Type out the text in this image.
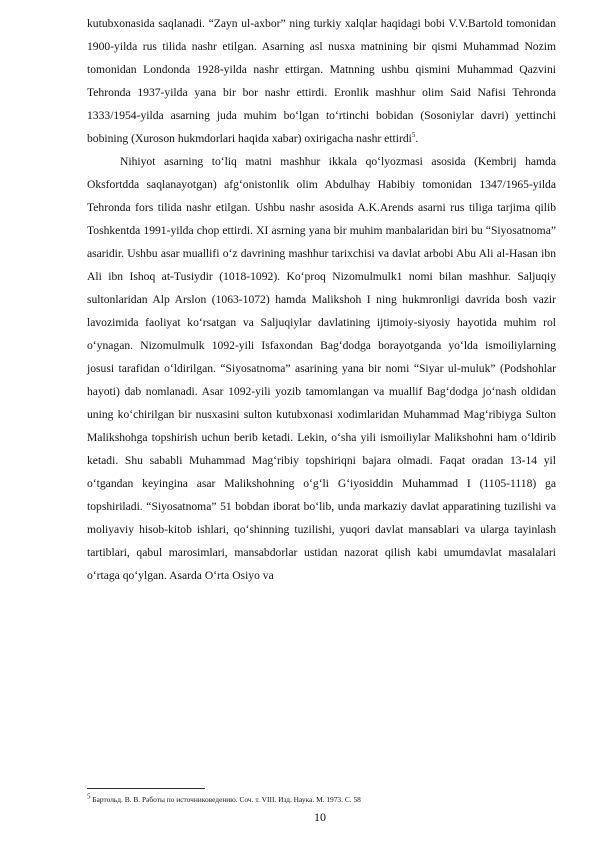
kutubxonasida saqlanadi. “Zayn ul-axbor” ning turkiy xalqlar haqidagi bobi V.V.Bartold tomonidan 1900-yilda rus tilida nashr etilgan. Asarning asl nusxa matnining bir qismi Muhammad Nozim tomonidan Londonda 1928-yilda nashr ettirgan. Matnning ushbu qismini Muhammad Qazvini Tehronda 1937-yilda yana bir bor nashr ettirdi. Eronlik mashhur olim Said Nafisi Tehronda 1333/1954-yilda asarning juda muhim bo‘lgan to‘rtinchi bobidan (Sosoniylar davri) yettinchi bobining (Xuroson hukmdorlari haqida xabar) oxirigacha nashr ettirdi$^5$.

Nihiyot asarning to‘liq matni mashhur ikkala qo‘lyozmasi asosida (Kembrij hamda Oksfortdda saqlanayotgan) afg‘onistonlik olim Abdulhay Habibiy tomonidan 1347/1965-yilda Tehronda fors tilida nashr etilgan. Ushbu nashr asosida A.K.Arends asarni rus tiliga tarjima qilib Toshkentda 1991-yilda chop ettirdi. XI asrning yana bir muhim manbalaridan biri bu “Siyosatnoma” asaridir. Ushbu asar muallifi o‘z davrining mashhur tarixchisi va davlat arbobi Abu Ali al-Hasan ibn Ali ibn Ishoq at-Tusiydir (1018-1092). Ko‘proq Nizomulmulk1 nomi bilan mashhur. Saljuqiy sultonlaridan Alp Arslon (1063-1072) hamda Malikshoh I ning hukmronligi davrida bosh vazir lavozimida faoliyat ko‘rsatgan va Saljuqiylar davlatining ijtimoiy-siyosiy hayotida muhim rol o‘ynagan. Nizomulmulk 1092-yili Isfaxondan Bag‘dodga borayotganda yo‘lda ismoiliylarning josusi tarafidan o‘ldirilgan. “Siyosatnoma” asarining yana bir nomi “Siyar ul-muluk” (Podshohlar hayoti) dab nomlanadi. Asar 1092-yili yozib tamomlangan va muallif Bag‘dodga jo‘nash oldidan uning ko‘chirilgan bir nusxasini sulton kutubxonasi xodimlaridan Muhammad Mag‘ribiyga Sulton Malikshohga topshirish uchun berib ketadi. Lekin, o‘sha yili ismoiliylar Malikshohni ham o‘ldirib ketadi. Shu sababli Muhammad Mag‘ribiy topshiriqni bajara olmadi. Faqat oradan 13-14 yil o‘tgandan keyingina asar Malikshohning o‘g‘li G‘iyosiddin Muhammad I (1105-1118) ga topshiriladi. “Siyosatnoma” 51 bobdan iborat bo‘lib, unda markaziy davlat apparatining tuzilishi va moliyaviy hisob-kitob ishlari, qo‘shinning tuzilishi, yuqori davlat mansablari va ularga tayinlash tartiblari, qabul marosimlari, mansabdorlar ustidan nazorat qilish kabi umumdavlat masalalari o‘rtaga qo‘ylgan. Asarda O‘rta Osiyo va

$^5$ Бартольд. В. В. Работы по источниковедению. Соч. т. VIII. Изд. Наука. М. 1973. С. 58
10
